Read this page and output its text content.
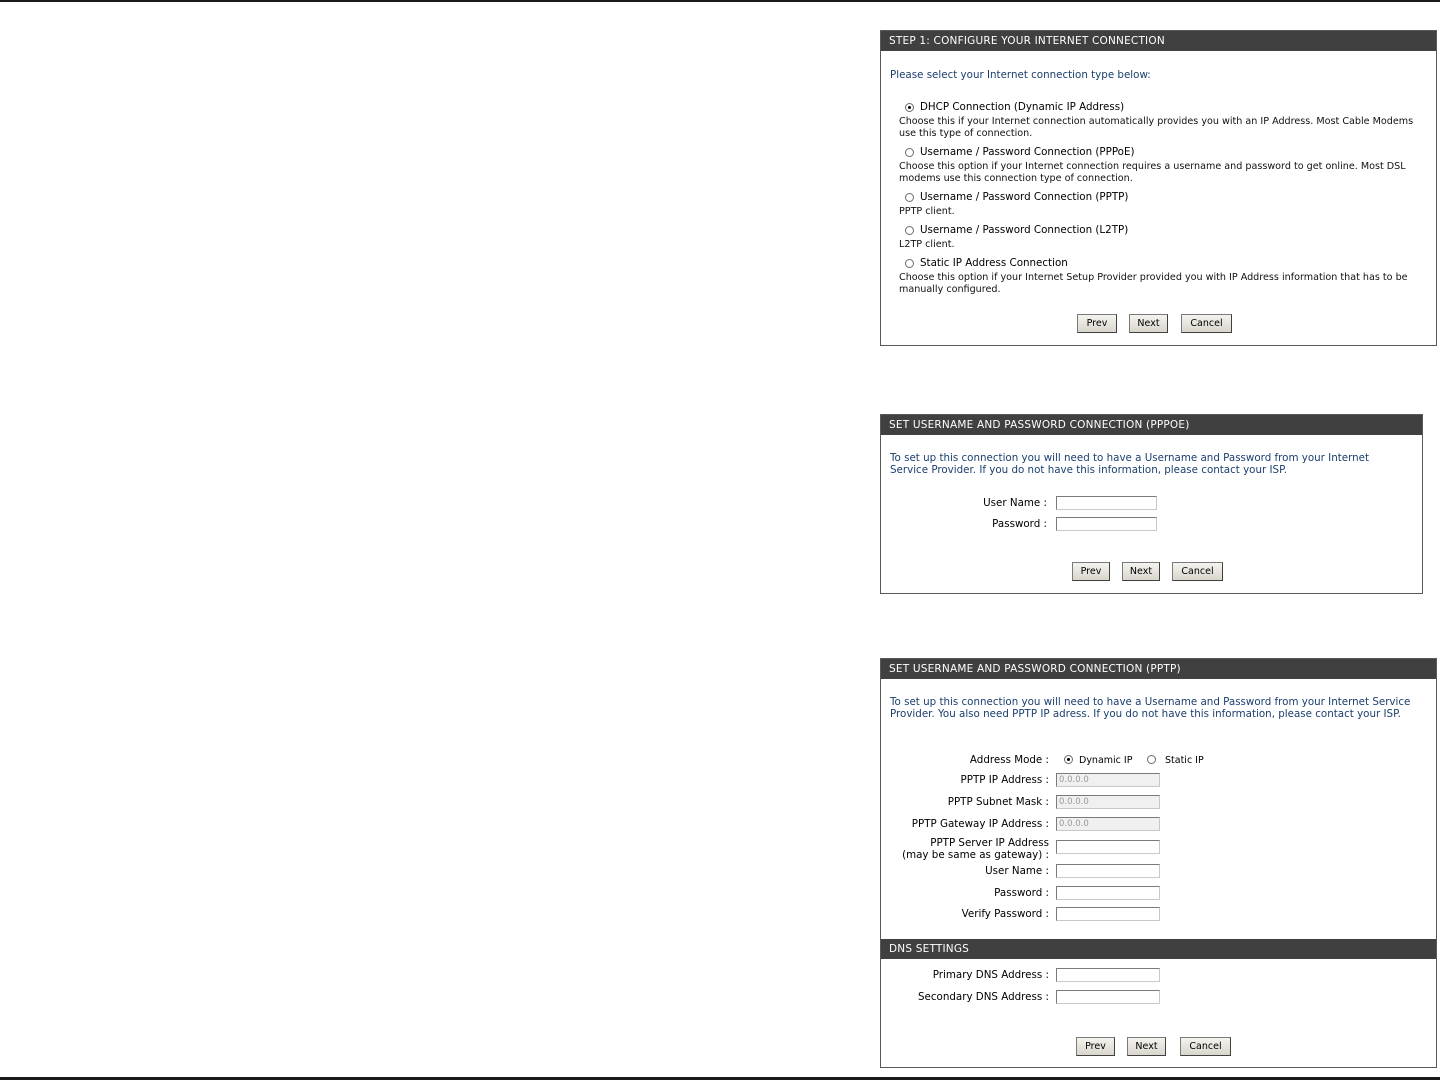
STEP 1: CONFIGURE YOUR INTERNET CONNECTION
Please select your Internet connection type below:
DHCP Connection (Dynamic IP Address)
Choose this if your Internet connection automatically provides you with an IP Address. Most Cable Modems use this type of connection.
Username / Password Connection (PPPoE)
Choose this option if your Internet connection requires a username and password to get online. Most DSL modems use this connection type of connection.
Username / Password Connection (PPTP)
PPTP client.
Username / Password Connection (L2TP)
L2TP client.
Static IP Address Connection
Choose this option if your Internet Setup Provider provided you with IP Address information that has to be manually configured.
Prev	Next	Cancel
SET USERNAME AND PASSWORD CONNECTION (PPPOE)
To set up this connection you will need to have a Username and Password from your Internet Service Provider. If you do not have this information, please contact your ISP.
User Name :
Password :
Prev	Next	Cancel
SET USERNAME AND PASSWORD CONNECTION (PPTP)
To set up this connection you will need to have a Username and Password from your Internet Service Provider. You also need PPTP IP adress. If you do not have this information, please contact your ISP.
Address Mode :	Dynamic IP	Static IP
PPTP IP Address :
0.0.0.0
PPTP Subnet Mask :
0.0.0.0
PPTP Gateway IP Address :
0.0.0.0
PPTP Server IP Address
(may be same as gateway) :
User Name :
Password :
Verify Password :
DNS SETTINGS
Primary DNS Address :
Secondary DNS Address :
Prev	Next	Cancel
